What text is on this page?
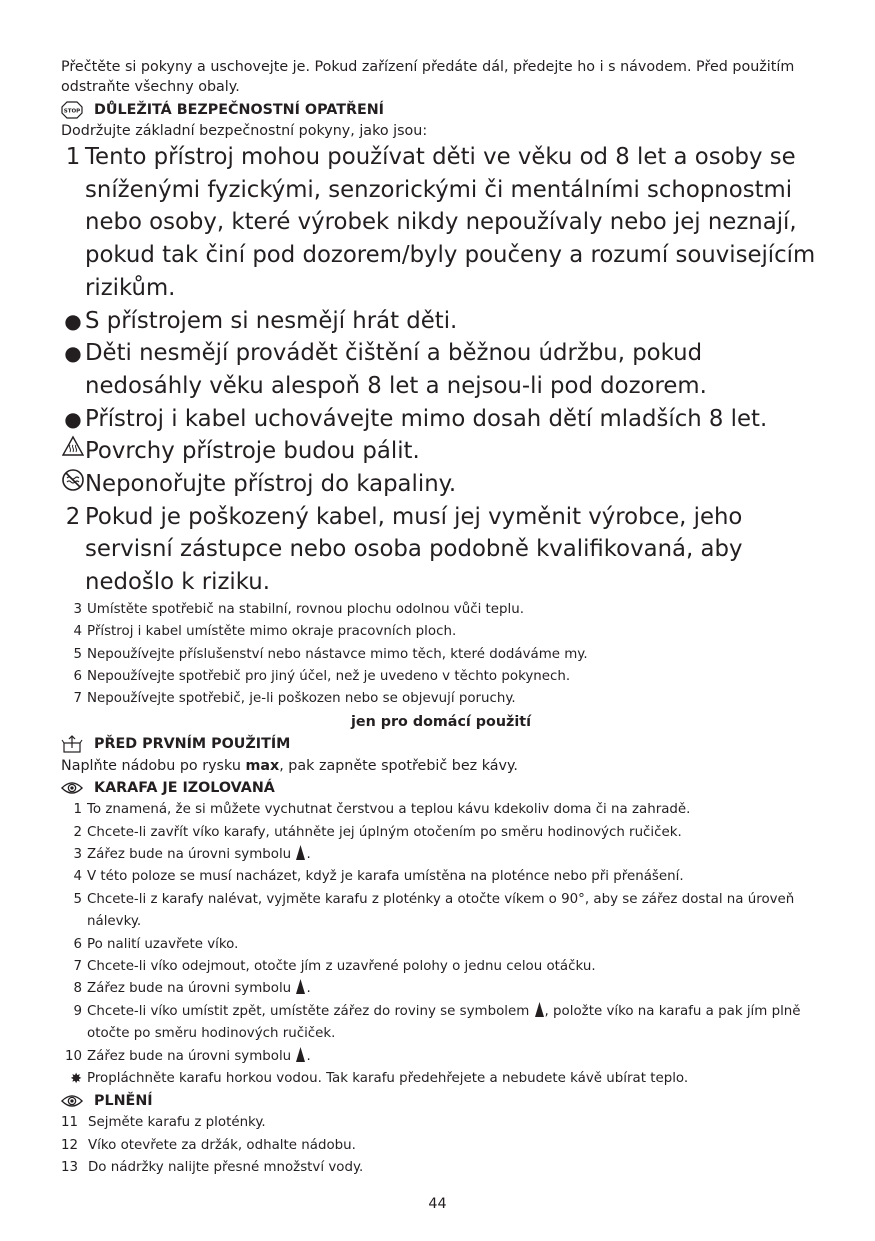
Přečtěte si pokyny a uschovejte je. Pokud zařízení předáte dál, předejte ho i s návodem. Před použitím odstraňte všechny obaly.
STOP DŮLEŽITÁ BEZPEČNOSTNÍ OPATŘENÍ
Dodržujte základní bezpečnostní pokyny, jako jsou:
1 Tento přístroj mohou používat děti ve věku od 8 let a osoby se sníženými fyzickými, senzorickými či mentálními schopnostmi nebo osoby, které výrobek nikdy nepoužívaly nebo jej neznají, pokud tak činí pod dozorem/byly poučeny a rozumí souvisejícím rizikům.
● S přístrojem si nesmějí hrát děti.
● Děti nesmějí provádět čištění a běžnou údržbu, pokud nedosáhly věku alespoň 8 let a nejsou-li pod dozorem.
● Přístroj i kabel uchovávejte mimo dosah dětí mladších 8 let.
Povrchy přístroje budou pálit.
Neponořujte přístroj do kapaliny.
2 Pokud je poškozený kabel, musí jej vyměnit výrobce, jeho servisní zástupce nebo osoba podobně kvalifikovaná, aby nedošlo k riziku.
3 Umístěte spotřebič na stabilní, rovnou plochu odolnou vůči teplu.
4 Přístroj i kabel umístěte mimo okraje pracovních ploch.
5 Nepoužívejte příslušenství nebo nástavce mimo těch, které dodáváme my.
6 Nepoužívejte spotřebič pro jiný účel, než je uvedeno v těchto pokynech.
7 Nepoužívejte spotřebič, je-li poškozen nebo se objevují poruchy.
jen pro domácí použití
PŘED PRVNÍM POUŽITÍM
Naplňte nádobu po rysku max, pak zapněte spotřebič bez kávy.
KARAFA JE IZOLOVANÁ
1 To znamená, že si můžete vychutnat čerstvou a teplou kávu kdekoliv doma či na zahradě.
2 Chcete-li zavřít víko karafy, utáhněte jej úplným otočením po směru hodinových ručiček.
3 Zářez bude na úrovni symbolu .
4 V této poloze se musí nacházet, když je karafa umístěna na ploténce nebo při přenášení.
5 Chcete-li z karafy nalévat, vyjměte karafu z ploténky a otočte víkem o 90°, aby se zářez dostal na úroveň nálevky.
6 Po nalití uzavřete víko.
7 Chcete-li víko odejmout, otočte jím z uzavřené polohy o jednu celou otáčku.
8 Zářez bude na úrovni symbolu .
9 Chcete-li víko umístit zpět, umístěte zářez do roviny se symbolem , položte víko na karafu a pak jím plně otočte po směru hodinových ručiček.
10 Zářez bude na úrovni symbolu .
✸ Propláchněte karafu horkou vodou. Tak karafu předehřejete a nebudete kávě ubírat teplo.
PLNĚNÍ
11 Sejměte karafu z ploténky.
12 Víko otevřete za držák, odhalte nádobu.
13 Do nádržky nalijte přesné množství vody.
44
